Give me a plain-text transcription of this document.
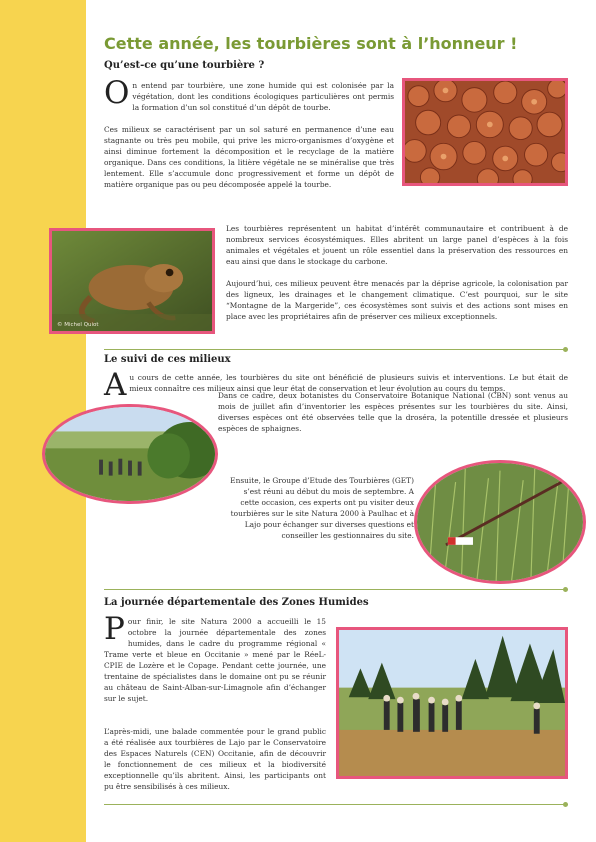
Cette année, les tourbières sont à l’honneur !
Qu’est-ce qu’une tourbière ?

On entend par tourbière, une zone humide qui est colonisée par la végétation, dont les conditions écologiques particulières ont permis la formation d’un sol constitué d’un dépôt de tourbe.

Ces milieux se caractérisent par un sol saturé en permanence d’une eau stagnante ou très peu mobile, qui prive les micro-organismes d’oxygène et ainsi diminue fortement la décomposition et le recyclage de la matière organique. Dans ces conditions, la litière végétale ne se minéralise que très lentement. Elle s’accumule donc progressivement et forme un dépôt de matière organique pas ou peu décomposée appelé la tourbe.

© Michel Quiot

Les tourbières représentent un habitat d’intérêt communautaire et contribuent à de nombreux services écosystémiques. Elles abritent un large panel d’espèces à la fois animales et végétales et jouent un rôle essentiel dans la préservation des ressources en eau ainsi que dans le stockage du carbone.

Aujourd’hui, ces milieux peuvent être menacés par la déprise agricole, la colonisation par des ligneux, les drainages et le changement climatique. C’est pourquoi, sur le site “Montagne de la Margeride”, ces écosystèmes sont suivis et des actions sont mises en place avec les propriétaires afin de préserver ces milieux exceptionnels.

Le suivi de ces milieux

Au cours de cette année, les tourbières du site ont bénéficié de plusieurs suivis et interventions. Le but était de mieux connaître ces milieux ainsi que leur état de conservation et leur évolution au cours du temps.

Dans ce cadre, deux botanistes du Conservatoire Botanique National (CBN) sont venus au mois de juillet afin d’inventorier les espèces présentes sur les tourbières du site. Ainsi, diverses espèces ont été observées telle que la droséra, la potentille dressée et plusieurs espèces de sphaignes.

Ensuite, le Groupe d’Etude des Tourbières (GET) s’est réuni au début du mois de septembre. A cette occasion, ces experts ont pu visiter deux tourbières sur le site Natura 2000 à Paulhac et à Lajo pour échanger sur diverses questions et conseiller les gestionnaires du site.

La journée départementale des Zones Humides

Pour finir, le site Natura 2000 a accueilli le 15 octobre la journée départementale des zones humides, dans le cadre du programme régional « Trame verte et bleue en Occitanie » mené par le RéeL-CPIE de Lozère et le Copage. Pendant cette journée, une trentaine de spécialistes dans le domaine ont pu se réunir au château de Saint-Alban-sur-Limagnole afin d’échanger sur le sujet.

L’après-midi, une balade commentée pour le grand public a été réalisée aux tourbières de Lajo par le Conservatoire des Espaces Naturels (CEN) Occitanie, afin de découvrir le fonctionnement de ces milieux et la biodiversité exceptionnelle qu’ils abritent. Ainsi, les participants ont pu être sensibilisés à ces milieux.
